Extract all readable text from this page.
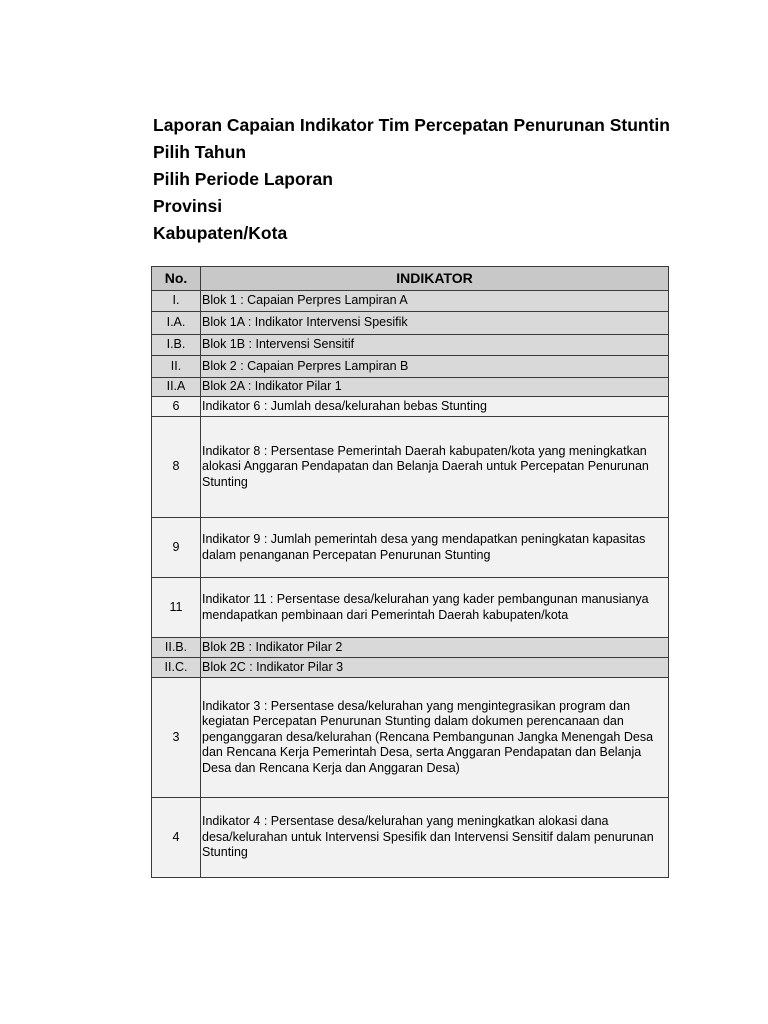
Laporan Capaian Indikator Tim Percepatan Penurunan Stuntin
Pilih Tahun
Pilih Periode Laporan
Provinsi
Kabupaten/Kota
No.	INDIKATOR
I.	Blok 1 : Capaian Perpres Lampiran A
I.A.	Blok 1A : Indikator Intervensi Spesifik
I.B.	Blok 1B : Intervensi Sensitif
II.	Blok 2 : Capaian Perpres Lampiran B
II.A	Blok 2A : Indikator Pilar 1
6	Indikator 6 : Jumlah desa/kelurahan bebas Stunting
8	Indikator 8 : Persentase Pemerintah Daerah kabupaten/kota yang meningkatkan alokasi Anggaran Pendapatan dan Belanja Daerah untuk Percepatan Penurunan Stunting
9	Indikator 9 : Jumlah pemerintah desa yang mendapatkan peningkatan kapasitas dalam penanganan Percepatan Penurunan Stunting
11	Indikator 11 : Persentase desa/kelurahan yang kader pembangunan manusianya mendapatkan pembinaan dari Pemerintah Daerah kabupaten/kota
II.B.	Blok 2B : Indikator Pilar 2
II.C.	Blok 2C : Indikator Pilar 3
3	Indikator 3 : Persentase desa/kelurahan yang mengintegrasikan program dan kegiatan Percepatan Penurunan Stunting dalam dokumen perencanaan dan penganggaran desa/kelurahan (Rencana Pembangunan Jangka Menengah Desa dan Rencana Kerja Pemerintah Desa, serta Anggaran Pendapatan dan Belanja Desa dan Rencana Kerja dan Anggaran Desa)
4	Indikator 4 : Persentase desa/kelurahan yang meningkatkan alokasi dana desa/kelurahan untuk Intervensi Spesifik dan Intervensi Sensitif dalam penurunan Stunting
